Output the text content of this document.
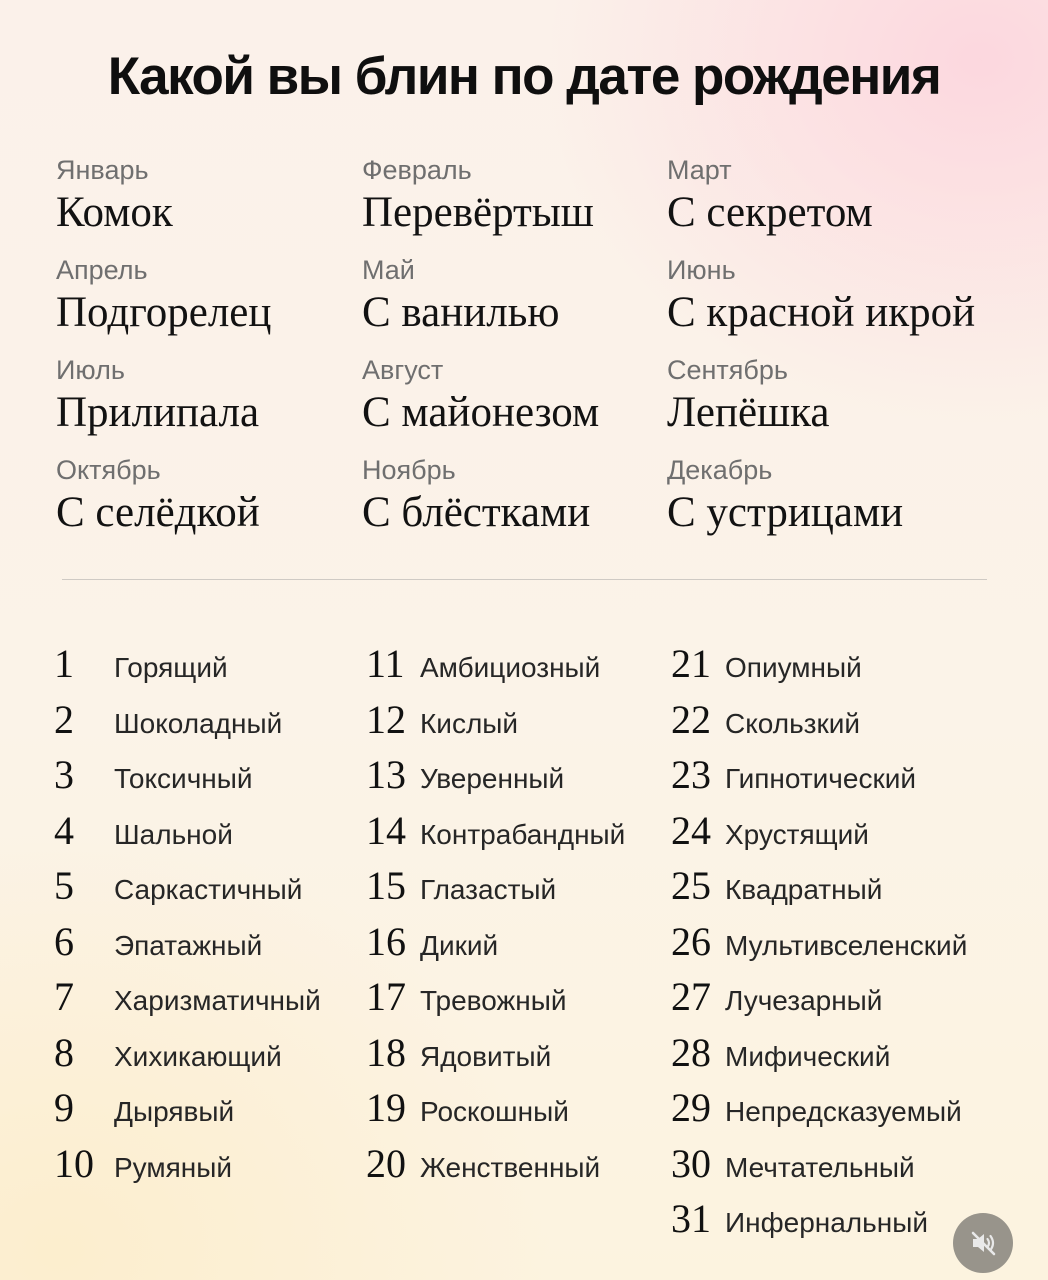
Какой вы блин по дате рождения
Январь
Комок
Февраль
Перевёртыш
Март
С секретом
Апрель
Подгорелец
Май
С ванилью
Июнь
С красной икрой
Июль
Прилипала
Август
С майонезом
Сентябрь
Лепёшка
Октябрь
С селёдкой
Ноябрь
С блёстками
Декабрь
С устрицами
1 Горящий
2 Шоколадный
3 Токсичный
4 Шальной
5 Саркастичный
6 Эпатажный
7 Харизматичный
8 Хихикающий
9 Дырявый
10 Румяный
11 Амбициозный
12 Кислый
13 Уверенный
14 Контрабандный
15 Глазастый
16 Дикий
17 Тревожный
18 Ядовитый
19 Роскошный
20 Женственный
21 Опиумный
22 Скользкий
23 Гипнотический
24 Хрустящий
25 Квадратный
26 Мультивселенский
27 Лучезарный
28 Мифический
29 Непредсказуемый
30 Мечтательный
31 Инфернальный
